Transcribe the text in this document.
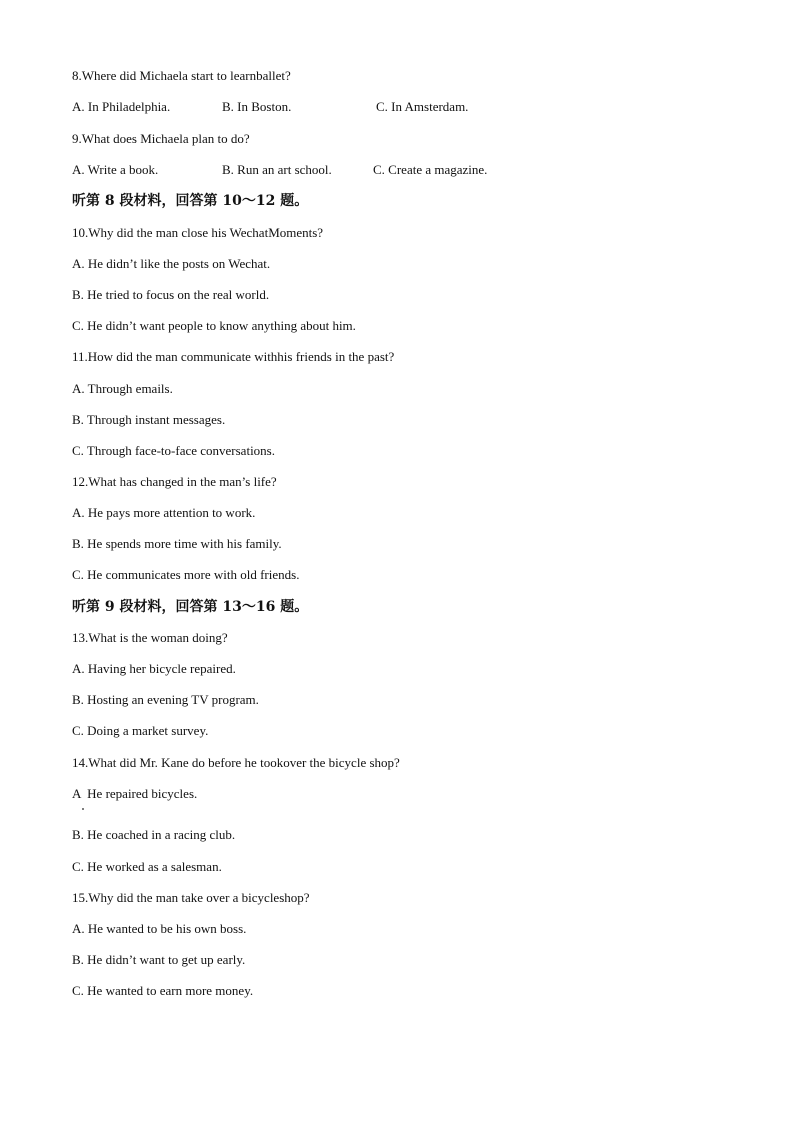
8.Where did Michaela start to learnballet?

A. In Philadelphia.

	B. In Boston.

	C. In Amsterdam.

9.What does Michaela plan to do?

A. Write a book.

	B. Run an art school.

	C. Create a magazine.

听第 8 段材料，回答第 10～12 题。
10.Why did the man close his WechatMoments?
A. He didn’t like the posts on Wechat.
B. He tried to focus on the real world.
C. He didn’t want people to know anything about him.
11.How did the man communicate withhis friends in the past?
A. Through emails.
B. Through instant messages.
C. Through face-to-face conversations.
12.What has changed in the man’s life?
A. He pays more attention to work.
B. He spends more time with his family.
C. He communicates more with old friends.
听第 9 段材料，回答第 13～16 题。
13.What is the woman doing?
A. Having her bicycle repaired.
B. Hosting an evening TV program.
C. Doing a market survey.
14.What did Mr. Kane do before he tookover the bicycle shop?
A  He repaired bicycles.
B. He coached in a racing club.
C. He worked as a salesman.
15.Why did the man take over a bicycleshop?
A. He wanted to be his own boss.
B. He didn’t want to get up early.
C. He wanted to earn more money.
